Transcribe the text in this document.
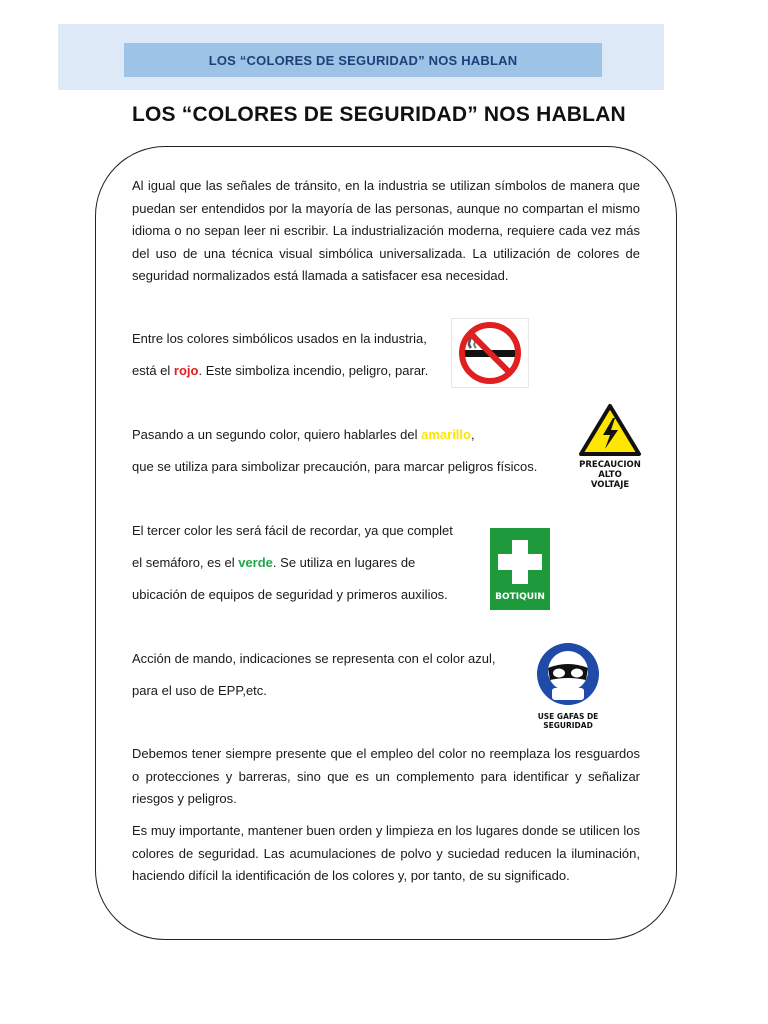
LOS “COLORES DE SEGURIDAD” NOS HABLAN
LOS “COLORES DE SEGURIDAD” NOS HABLAN
Al igual que las señales de tránsito, en la industria se utilizan símbolos de manera que puedan ser entendidos por la mayoría de las personas, aunque no compartan el mismo idioma o no sepan leer ni escribir. La industrialización moderna, requiere cada vez más del uso de una técnica visual simbólica universalizada. La utilización de colores de seguridad normalizados está llamada a satisfacer esa necesidad.
Entre los colores simbólicos usados en la industria,
está el rojo. Este simboliza incendio, peligro, parar.
Pasando a un segundo color, quiero hablarles del amarillo,
que se utiliza para simbolizar precaución, para marcar peligros físicos.	PRECAUCION
ALTO
VOLTAJE
El tercer color les será fácil de recordar, ya que complet
el semáforo, es el verde. Se utiliza en lugares de
ubicación de equipos de seguridad y primeros auxilios.	BOTIQUIN
Acción de mando, indicaciones se representa con el color azul,
para el uso de EPP,etc.
USE GAFAS DE SEGURIDAD
Debemos tener siempre presente que el empleo del color no reemplaza los resguardos o protecciones y barreras, sino que es un complemento para identificar y señalizar riesgos y peligros.
Es muy importante, mantener buen orden y limpieza en los lugares donde se utilicen los colores de seguridad. Las acumulaciones de polvo y suciedad reducen la iluminación, haciendo difícil la identificación de los colores y, por tanto, de su significado.
